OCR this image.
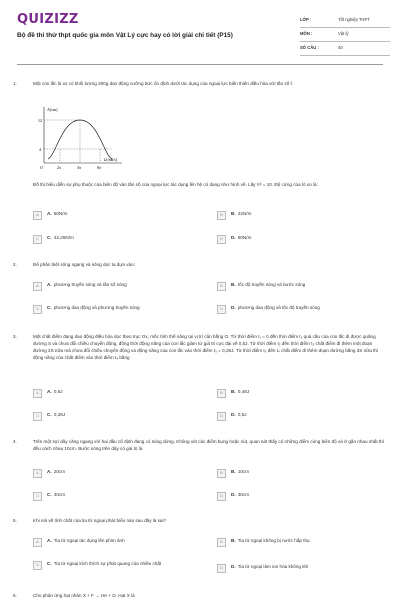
QUIZIZZ
Bộ đề thi thử thpt quốc gia môn Vật Lý cực hay có lời giải chi tiết (P15)
LỚP :	Tốt nghiệp THPT
MÔN :	Vật lý
SỐ CÂU :	40
1.	Một con lắc lò xo có khối lượng 200g dao động cưỡng bức ổn định dưới tác dụng của ngoại lực biến thiên điều hòa với tần số f.
A(cm)
12
4
O	2π	3π	8π
Ω (rad/s)
Đồ thị biểu diễn sự phụ thuộc của biên độ vào tần số của ngoại lực tác dụng lên hệ có dạng như hình vẽ. Lấy π² = 10. Độ cứng của lò xo là:
A	A. 50N/m	B	B. 32N/m
C	C. 42,25N/m	D	D. 80N/m
2.	Để phân biệt sóng ngang và sóng dọc ta dựa vào:
A	A. phương truyền sóng và tần số sóng	B	B. tốc độ truyền sóng và bước sóng
C	C. phương dao động và phương truyền sóng	D	D. phương dao động và tốc độ truyền sóng
3.	Một chất điểm đang dao động điều hòa dọc theo trục Ox, mốc tính thế năng tại vị trí cân bằng O. Từ thời điểm t₁ = 0 đến thời điểm t₂ quả cầu của con lắc đi được quãng đường S và chưa đổi chiều chuyển động, đồng thời động năng của con lắc giảm từ giá trị cực đại về 0,6J. Từ thời điểm t₂ đến thời điểm t₃ chất điểm đi thêm một đoạn đường 2S nữa mà chưa đổi chiều chuyển động và động năng của con lắc vào thời điểm t₃ = 0,28J. Từ thời điểm t₃ đến t₄ chất điểm đi thêm đoạn đường bằng 3S nữa thì động năng của chất điểm vào thời điểm t₄ bằng
A	A. 0,6J	B	B. 0,48J
C	C. 0,28J	D	D. 0,5J
4.	Trên một sợi dây căng ngang với hai đầu cố định đang có sóng dừng. Không xét các điểm bụng hoặc nút, quan sát thấy có những điểm cùng biên độ và ở gần nhau nhất thì đều cách nhau 10cm. Bước sóng trên dây có giá trị là
A	A. 20cm	B	B. 10cm
C	C. 40cm	D	D. 30cm
5.	Khi nói về tính chất của tia tử ngoại phát biểu nào sau đây là sai?
A	A. Tia tử ngoại tác dụng lên phim ảnh	B	B. Tia tử ngoại không bị nước hấp thụ
C	C. Tia tử ngoại kích thích sự phát quang của nhiều chất
D	D. Tia tử ngoại làm ion hóa không khí
6.	Cho phản ứng hạt nhân X + F → He + O. Hạt X là
